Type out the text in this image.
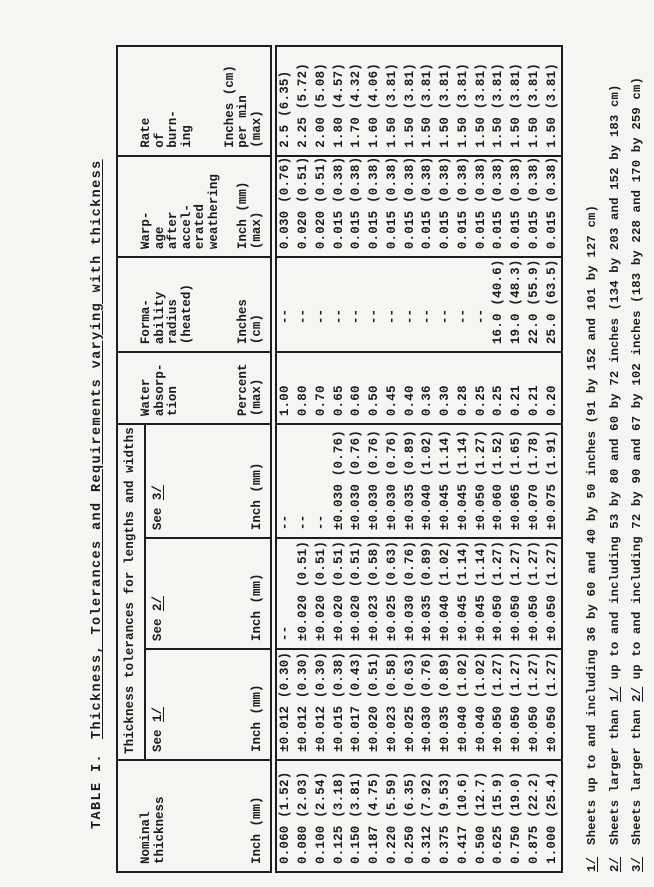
TABLE I.Thickness, Tolerances and Requirements varying with thickness
Nominal thickness	Inch (mm)
	Thickness tolerances for lengths and widths	
Water absorp- tion	Percent (max)

Forma- ability radius (heated)	Inches (cm)

Warp- age after accel- erated weathering Inch (mm) (max)

Rate of burn- ing Inches (cm) per min (max)

See 1/	Inch (mm)

See 2/	Inch (mm)

See 3/	Inch (mm)

0.060 (1.52)	±0.012 (0.30)	--	--	1.00	--	0.030 (0.76)	2.5 (6.35)
0.080 (2.03)	±0.012 (0.30)	±0.020 (0.51)	--	0.80	--	0.020 (0.51)	2.25 (5.72)
0.100 (2.54)	±0.012 (0.30)	±0.020 (0.51)	--	0.70	--	0.020 (0.51)	2.00 (5.08)
0.125 (3.18)	±0.015 (0.38)	±0.020 (0.51)	±0.030 (0.76)	0.65	--	0.015 (0.38)	1.80 (4.57)
0.150 (3.81)	±0.017 (0.43)	±0.020 (0.51)	±0.030 (0.76)	0.60	--	0.015 (0.38)	1.70 (4.32)
0.187 (4.75)	±0.020 (0.51)	±0.023 (0.58)	±0.030 (0.76)	0.50	--	0.015 (0.38)	1.60 (4.06)
0.220 (5.59)	±0.023 (0.58)	±0.025 (0.63)	±0.030 (0.76)	0.45	--	0.015 (0.38)	1.50 (3.81)
0.250 (6.35)	±0.025 (0.63)	±0.030 (0.76)	±0.035 (0.89)	0.40	--	0.015 (0.38)	1.50 (3.81)
0.312 (7.92)	±0.030 (0.76)	±0.035 (0.89)	±0.040 (1.02)	0.36	--	0.015 (0.38)	1.50 (3.81)
0.375 (9.53)	±0.035 (0.89)	±0.040 (1.02)	±0.045 (1.14)	0.30	--	0.015 (0.38)	1.50 (3.81)
0.417 (10.6)	±0.040 (1.02)	±0.045 (1.14)	±0.045 (1.14)	0.28	--	0.015 (0.38)	1.50 (3.81)
0.500 (12.7)	±0.040 (1.02)	±0.045 (1.14)	±0.050 (1.27)	0.25	--	0.015 (0.38)	1.50 (3.81)
0.625 (15.9)	±0.050 (1.27)	±0.050 (1.27)	±0.060 (1.52)	0.25	16.0 (40.6)	0.015 (0.38)	1.50 (3.81)
0.750 (19.0)	±0.050 (1.27)	±0.050 (1.27)	±0.065 (1.65)	0.21	19.0 (48.3)	0.015 (0.38)	1.50 (3.81)
0.875 (22.2)	±0.050 (1.27)	±0.050 (1.27)	±0.070 (1.78)	0.21	22.0 (55.9)	0.015 (0.38)	1.50 (3.81)
1.000 (25.4)	±0.050 (1.27)	±0.050 (1.27)	±0.075 (1.91)	0.20	25.0 (63.5)	0.015 (0.38)	1.50 (3.81)
1/Sheets up to and including 36 by 60 and 40 by 50 inches (91 by 152 and 101 by 127 cm)
2/Sheets larger than 1/ up to and including 53 by 80 and 60 by 72 inches (134 by 203 and 152 by 183 cm)
3/Sheets larger than 2/ up to and including 72 by 90 and 67 by 102 inches (183 by 228 and 170 by 259 cm)
